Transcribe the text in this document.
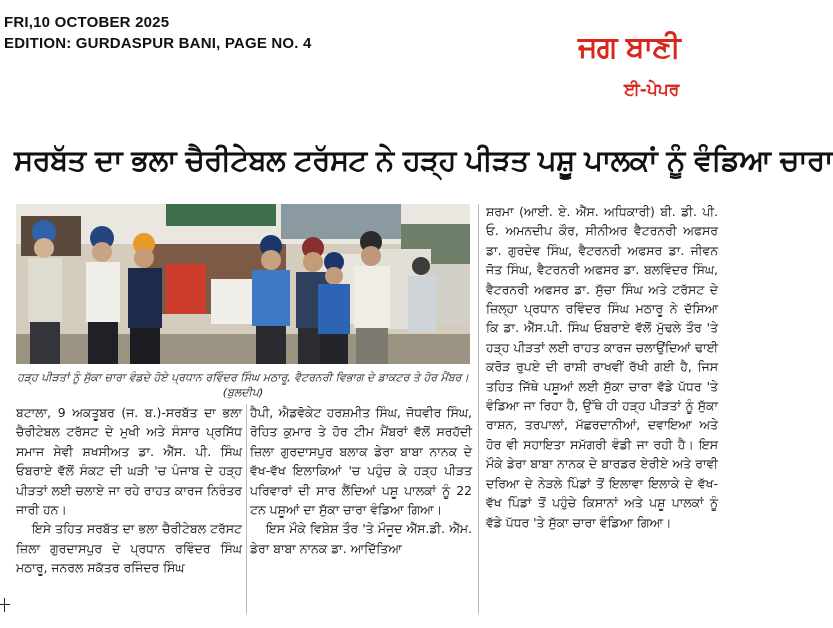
FRI,10 OCTOBER 2025
EDITION: GURDASPUR BANI, PAGE NO. 4	ਜਗ ਬਾਣੀ
ਈ-ਪੇਪਰ
ਸਰਬੱਤ ਦਾ ਭਲਾ ਚੈਰੀਟੇਬਲ ਟਰੱਸਟ ਨੇ ਹੜ੍ਹ ਪੀੜਤ ਪਸ਼ੂ ਪਾਲਕਾਂ ਨੂੰ ਵੰਡਿਆ ਚਾਰਾ
ਹੜ੍ਹ ਪੀੜਤਾਂ ਨੂੰ ਸੁੱਕਾ ਚਾਰਾ ਵੰਡਦੇ ਹੋਏ ਪ੍ਰਧਾਨ ਰਵਿੰਦਰ ਸਿੰਘ ਮਠਾਰੂ, ਵੈਟਰਨਰੀ ਵਿਭਾਗ ਦੇ ਡਾਕਟਰ ਤੇ ਹੋਰ ਮੈਂਬਰ। (ਬੁਲਦੀਪ)

ਬਟਾਲਾ, 9 ਅਕਤੂਬਰ (ਜ. ਬ.)-ਸਰਬੱਤ ਦਾ ਭਲਾ ਚੈਰੀਟੇਬਲ ਟਰੱਸਟ ਦੇ ਮੁਖੀ ਅਤੇ ਸੰਸਾਰ ਪ੍ਰਸਿੱਧ ਸਮਾਜ ਸੇਵੀ ਸ਼ਖਸੀਅਤ ਡਾ. ਐੱਸ. ਪੀ. ਸਿੰਘ ਓਬਰਾਏ ਵੱਲੋਂ ਸੰਕਟ ਦੀ ਘੜੀ 'ਚ ਪੰਜਾਬ ਦੇ ਹੜ੍ਹ ਪੀੜਤਾਂ ਲਈ ਚਲਾਏ ਜਾ ਰਹੇ ਰਾਹਤ ਕਾਰਜ ਨਿਰੰਤਰ ਜਾਰੀ ਹਨ।

ਇਸੇ ਤਹਿਤ ਸਰਬੱਤ ਦਾ ਭਲਾ ਚੈਰੀਟੇਬਲ ਟਰੱਸਟ ਜ਼ਿਲਾ ਗੁਰਦਾਸਪੁਰ ਦੇ ਪ੍ਰਧਾਨ ਰਵਿੰਦਰ ਸਿੰਘ ਮਠਾਰੂ, ਜਨਰਲ ਸਕੱਤਰ ਰਜਿੰਦਰ ਸਿੰਘ

ਹੈਪੀ, ਐਡਵੋਕੇਟ ਹਰਸ਼ਮੀਤ ਸਿੰਘ, ਜੋਧਵੀਰ ਸਿੰਘ, ਰੋਹਿਤ ਕੁਮਾਰ ਤੇ ਹੋਰ ਟੀਮ ਮੈਂਬਰਾਂ ਵੱਲੋਂ ਸਰਹੱਦੀ ਜ਼ਿਲਾ ਗੁਰਦਾਸਪੁਰ ਬਲਾਕ ਡੇਰਾ ਬਾਬਾ ਨਾਨਕ ਦੇ ਵੱਖ-ਵੱਖ ਇਲਾਕਿਆਂ 'ਚ ਪਹੁੰਚ ਕੇ ਹੜ੍ਹ ਪੀੜਤ ਪਰਿਵਾਰਾਂ ਦੀ ਸਾਰ ਲੈਂਦਿਆਂ ਪਸ਼ੂ ਪਾਲਕਾਂ ਨੂੰ 22 ਟਨ ਪਸ਼ੂਆਂ ਦਾ ਸੁੱਕਾ ਚਾਰਾ ਵੰਡਿਆ ਗਿਆ।

ਇਸ ਮੌਕੇ ਵਿਸ਼ੇਸ਼ ਤੌਰ 'ਤੇ ਮੌਜੂਦ ਐੱਸ.ਡੀ. ਐੱਮ. ਡੇਰਾ ਬਾਬਾ ਨਾਨਕ ਡਾ. ਆਦਿੱਤਿਆ

ਸ਼ਰਮਾ (ਆਈ. ਏ. ਐੱਸ. ਅਧਿਕਾਰੀ) ਬੀ. ਡੀ. ਪੀ. ਓ. ਅਮਨਦੀਪ ਕੌਰ, ਸੀਨੀਅਰ ਵੈਟਰਨਰੀ ਅਫਸਰ ਡਾ. ਗੁਰਦੇਵ ਸਿੰਘ, ਵੈਟਰਨਰੀ ਅਫਸਰ ਡਾ. ਜੀਵਨ ਜੋਤ ਸਿੰਘ, ਵੈਟਰਨਰੀ ਅਫਸਰ ਡਾ. ਬਲਵਿੰਦਰ ਸਿੰਘ, ਵੈਟਰਨਰੀ ਅਫਸਰ ਡਾ. ਸੁੱਚਾ ਸਿੰਘ ਅਤੇ ਟਰੱਸਟ ਦੇ ਜ਼ਿਲ੍ਹਾ ਪ੍ਰਧਾਨ ਰਵਿੰਦਰ ਸਿੰਘ ਮਠਾਰੂ ਨੇ ਦੱਸਿਆ ਕਿ ਡਾ. ਐੱਸ.ਪੀ. ਸਿੰਘ ਓਬਰਾਏ ਵੱਲੋਂ ਮੁੱਢਲੇ ਤੌਰ 'ਤੇ ਹੜ੍ਹ ਪੀੜਤਾਂ ਲਈ ਰਾਹਤ ਕਾਰਜ ਚਲਾਉਂਦਿਆਂ ਢਾਈ ਕਰੋੜ ਰੁਪਏ ਦੀ ਰਾਸ਼ੀ ਰਾਖਵੀਂ ਰੱਖੀ ਗਈ ਹੈ, ਜਿਸ ਤਹਿਤ ਜਿੱਥੇ ਪਸ਼ੂਆਂ ਲਈ ਸੁੱਕਾ ਚਾਰਾ ਵੱਡੇ ਪੱਧਰ 'ਤੇ ਵੰਡਿਆ ਜਾ ਰਿਹਾ ਹੈ, ਉੱਥੇ ਹੀ ਹੜ੍ਹ ਪੀੜਤਾਂ ਨੂੰ ਸੁੱਕਾ ਰਾਸ਼ਨ, ਤਰਪਾਲਾਂ, ਮੱਛਰਦਾਨੀਆਂ, ਦਵਾਇਆ ਅਤੇ ਹੋਰ ਵੀ ਸਹਾਇਤਾ ਸਮੱਗਰੀ ਵੰਡੀ ਜਾ ਰਹੀ ਹੈ। ਇਸ ਮੌਕੇ ਡੇਰਾ ਬਾਬਾ ਨਾਨਕ ਦੇ ਬਾਰਡਰ ਏਰੀਏ ਅਤੇ ਰਾਵੀ ਦਰਿਆ ਦੇ ਨੇੜਲੇ ਪਿੰਡਾਂ ਤੋਂ ਇਲਾਵਾ ਇਲਾਕੇ ਦੇ ਵੱਖ-ਵੱਖ ਪਿੰਡਾਂ ਤੋਂ ਪਹੁੰਚੇ ਕਿਸਾਨਾਂ ਅਤੇ ਪਸ਼ੂ ਪਾਲਕਾਂ ਨੂੰ ਵੱਡੇ ਪੱਧਰ 'ਤੇ ਸੁੱਕਾ ਚਾਰਾ ਵੰਡਿਆ ਗਿਆ।
